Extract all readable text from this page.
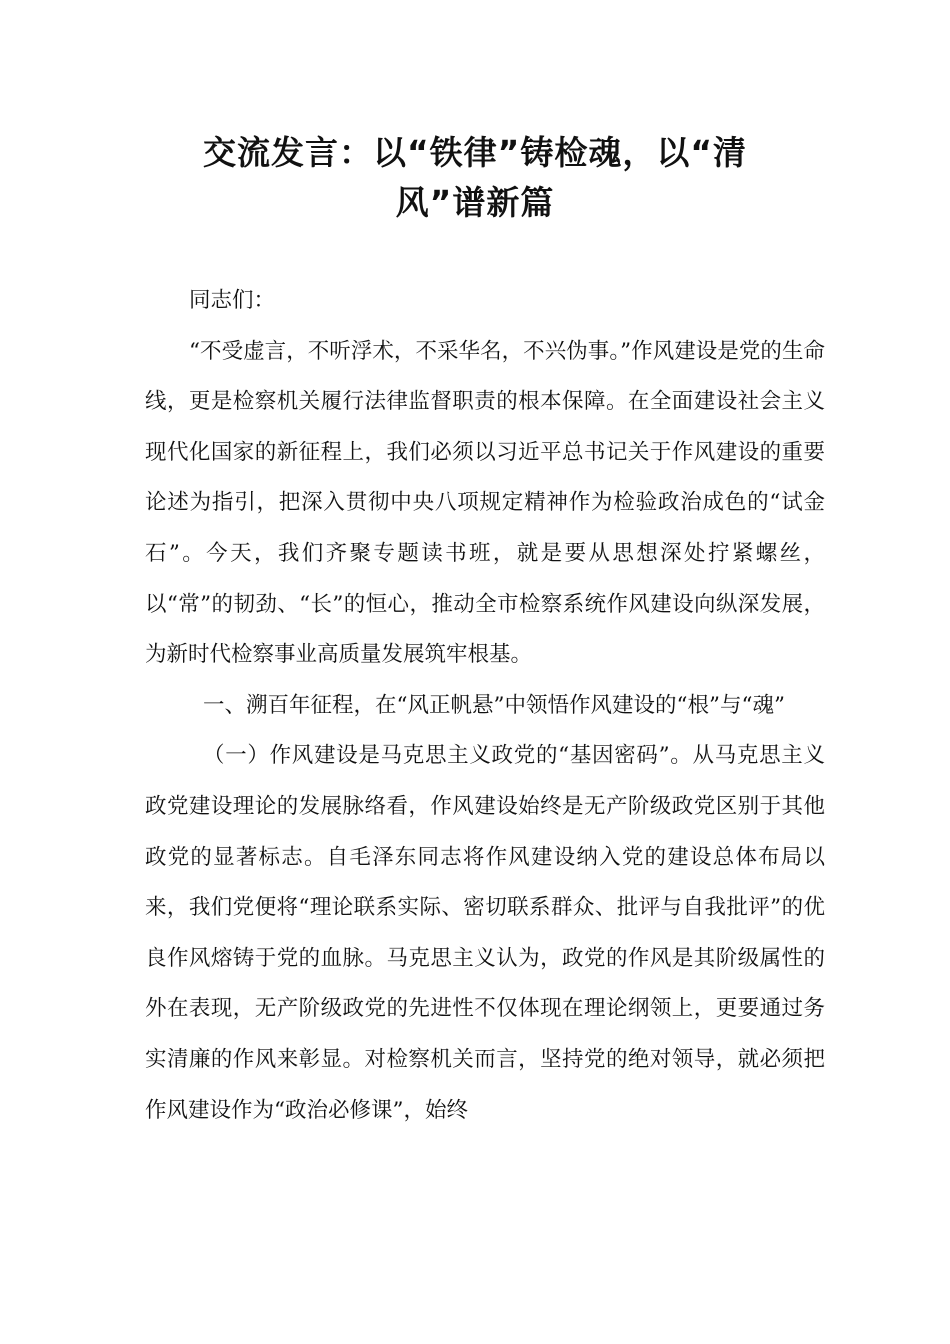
交流发言：以“铁律”铸检魂，以“清
风”谱新篇

同志们：

“不受虚言，不听浮术，不采华名，不兴伪事。”作风建设是党的生命线，更是检察机关履行法律监督职责的根本保障。在全面建设社会主义现代化国家的新征程上，我们必须以习近平总书记关于作风建设的重要论述为指引，把深入贯彻中央八项规定精神作为检验政治成色的“试金石”。今天，我们齐聚专题读书班，就是要从思想深处拧紧螺丝，以“常”的韧劲、“长”的恒心，推动全市检察系统作风建设向纵深发展，为新时代检察事业高质量发展筑牢根基。

一、溯百年征程，在“风正帆悬”中领悟作风建设的“根”与“魂”

（一）作风建设是马克思主义政党的“基因密码”。从马克思主义政党建设理论的发展脉络看，作风建设始终是无产阶级政党区别于其他政党的显著标志。自毛泽东同志将作风建设纳入党的建设总体布局以来，我们党便将“理论联系实际、密切联系群众、批评与自我批评”的优良作风熔铸于党的血脉。马克思主义认为，政党的作风是其阶级属性的外在表现，无产阶级政党的先进性不仅体现在理论纲领上，更要通过务实清廉的作风来彰显。对检察机关而言，坚持党的绝对领导，就必须把作风建设作为“政治必修课”，始终
